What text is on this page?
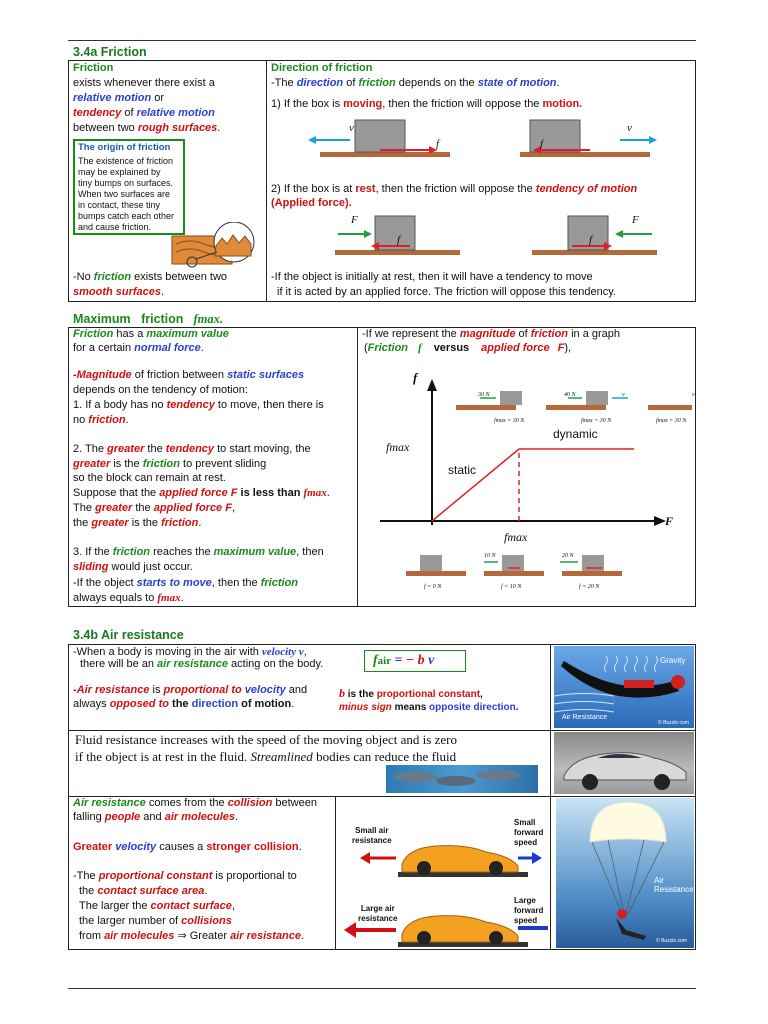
3.4a Friction
Friction
exists whenever there exist a
relative motion or
tendency of relative motion
between two rough surfaces.
The origin of friction
The existence of friction
may be explained by
tiny bumps on surfaces.
When two surfaces are
in contact, these tiny
bumps catch each other
and cause friction.
-No friction exists between two
smooth surfaces.
Direction of friction
-The direction of friction depends on the state of motion.
1) If the box is moving, then the friction will oppose the motion.
v
f	f
v
2) If the box is at rest, then the friction will oppose the tendency of motion
(Applied force).
F
f	f
F
-If the object is initially at rest, then it will have a tendency to move
if it is acted by an applied force. The friction will oppose this tendency.
Maximum   friction fmax.
Friction has a maximum value
for a certain normal force.
-Magnitude of friction between static surfaces
depends on the tendency of motion:
1. If a body has no tendency to move, then there is
no friction.
2. The greater the tendency to start moving, the
greater is the friction to prevent sliding
so the block can remain at rest.
Suppose that the applied force F is less than fmax.
The greater the applied force F,
the greater is the friction.
3. If the friction reaches the maximum value, then
sliding would just occur.
-If the object starts to move, then the friction
always equals to fmax.
-If we represent the magnitude of friction in a graph
(Friction f versus applied force F),
f
F
fmax
fmax
static
dynamic
30 N	40 N	v	v
fmax = 30 N	fmax = 30 N	fmax = 30 N
10 N	20 N
f = 0 N	f = 10 N	f = 20 N
3.4b Air resistance
-When a body is moving in the air with velocity v,
there will be an air resistance acting on the body.
-Air resistance is proportional to velocity and
always opposed to the direction of motion.
fair = − b v
b is the proportional constant,
minus sign means opposite direction.
Gravity
Air Resistance
© Buzzle.com
Fluid resistance increases with the speed of the moving object and is zero
if the object is at rest in the fluid. Streamlined bodies can reduce the fluid
Air resistance comes from the collision between
falling people and air molecules.
Greater velocity causes a stronger collision.
-The proportional constant is proportional to
the contact surface area.
The larger the contact surface,
the larger number of collisions
from air molecules ⇒ Greater air resistance.
Small air
resistance
Small
forward
speed
Large air
resistance
Large
forward
speed
Air Resistance
© Buzzle.com
